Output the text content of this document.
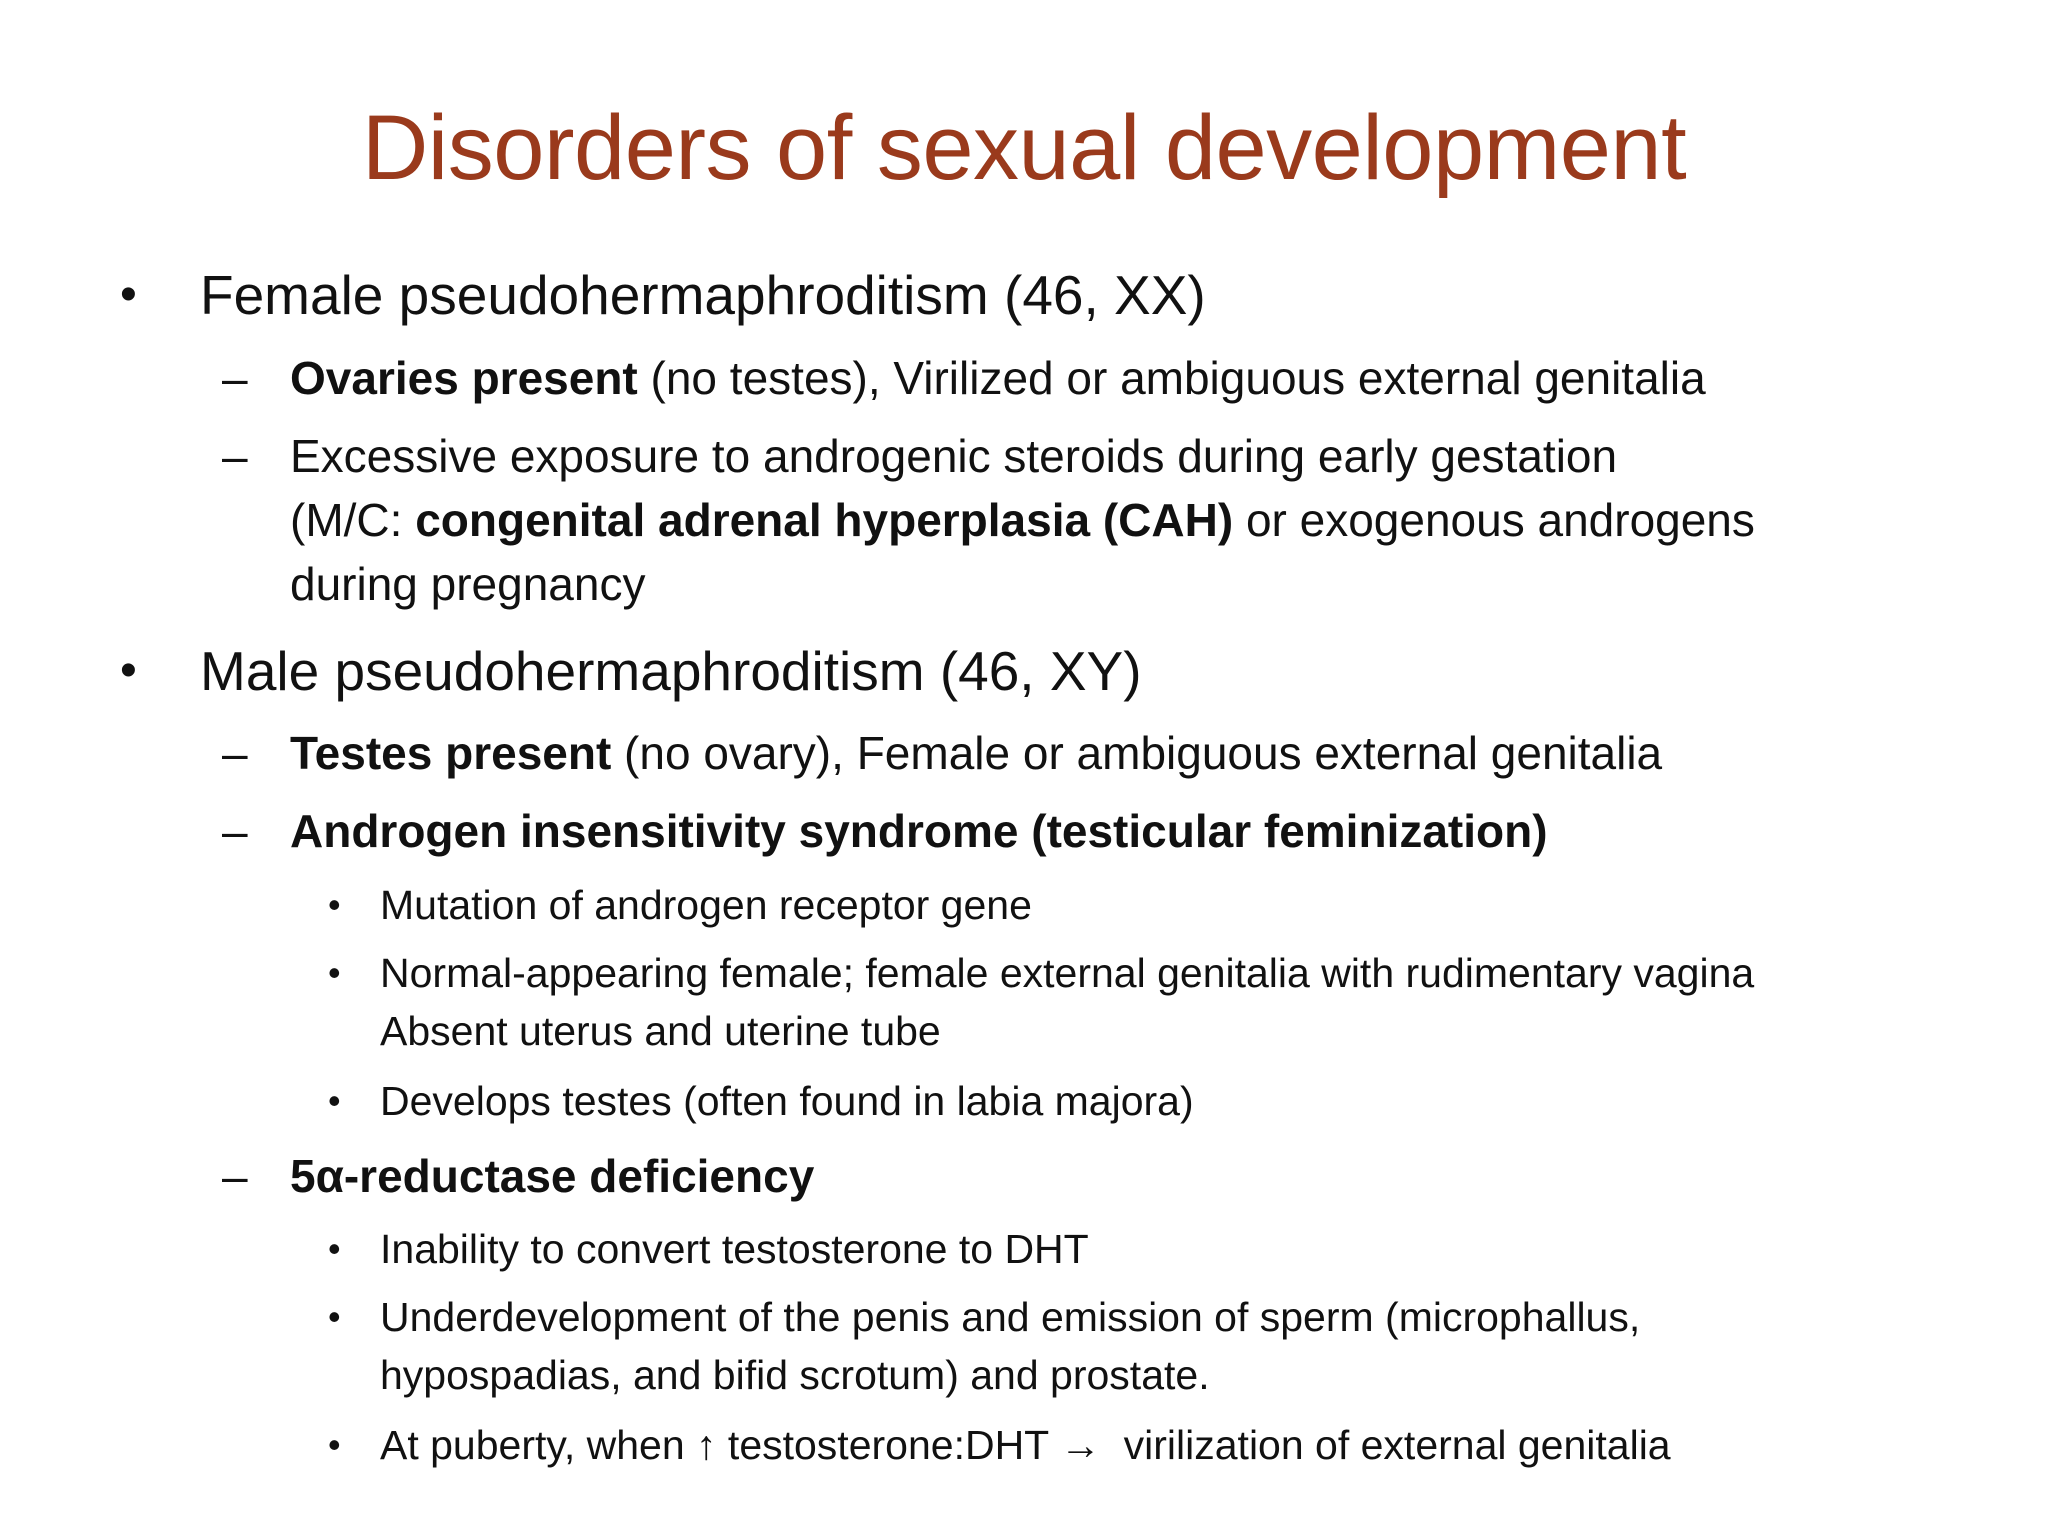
Disorders of sexual development
• Female pseudohermaphroditism (46, XX)
– Ovaries present (no testes), Virilized or ambiguous external genitalia
– Excessive exposure to androgenic steroids during early gestation
(M/C: congenital adrenal hyperplasia (CAH) or exogenous androgens
during pregnancy
• Male pseudohermaphroditism (46, XY)
– Testes present (no ovary), Female or ambiguous external genitalia
– Androgen insensitivity syndrome (testicular feminization)
• Mutation of androgen receptor gene
• Normal-appearing female; female external genitalia with rudimentary vagina
Absent uterus and uterine tube
• Develops testes (often found in labia majora)
– 5α-reductase deficiency
• Inability to convert testosterone to DHT
• Underdevelopment of the penis and emission of sperm (microphallus,
hypospadias, and bifid scrotum) and prostate.
• At puberty, when ↑ testosterone:DHT →  virilization of external genitalia
